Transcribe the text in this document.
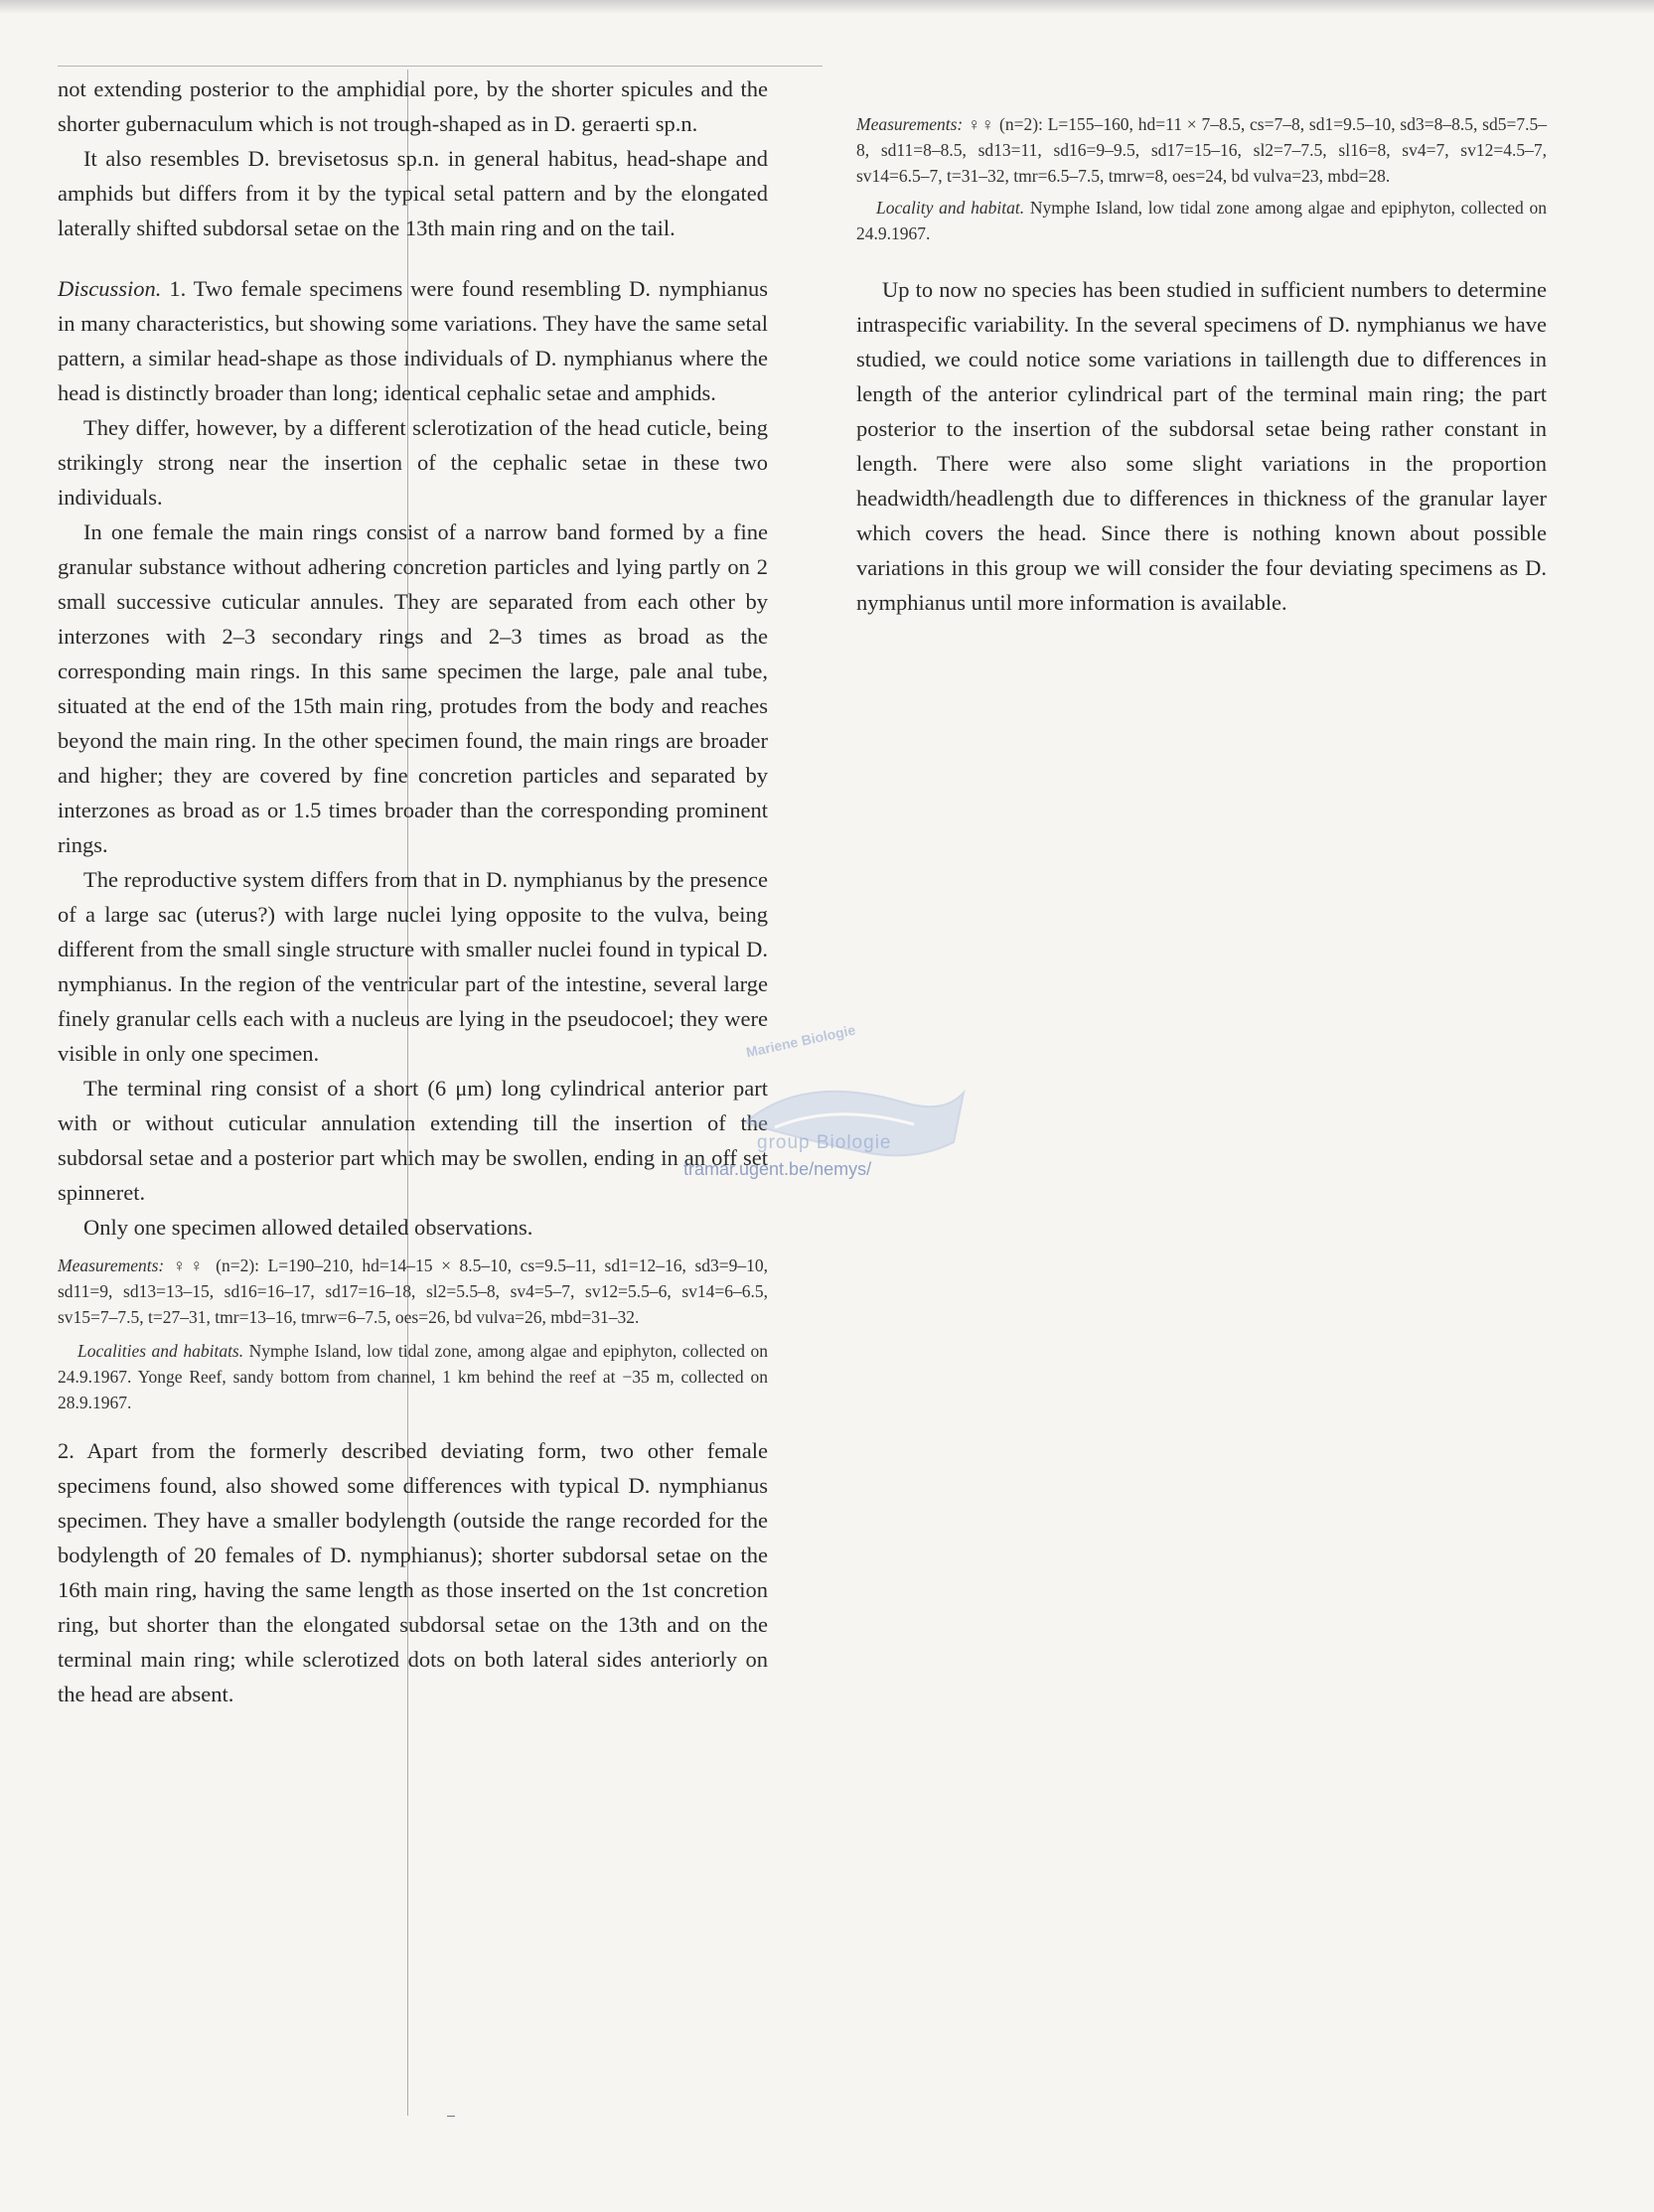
not extending posterior to the amphidial pore, by the shorter spicules and the shorter gubernaculum which is not trough-shaped as in D. geraerti sp.n.

It also resembles D. brevisetosus sp.n. in general habitus, head-shape and amphids but differs from it by the typical setal pattern and by the elongated laterally shifted subdorsal setae on the 13th main ring and on the tail.

Discussion. 1. Two female specimens were found resembling D. nymphianus in many characteristics, but showing some variations. They have the same setal pattern, a similar head-shape as those individuals of D. nymphianus where the head is distinctly broader than long; identical cephalic setae and amphids.

They differ, however, by a different sclerotization of the head cuticle, being strikingly strong near the insertion of the cephalic setae in these two individuals.

In one female the main rings consist of a narrow band formed by a fine granular substance without adhering concretion particles and lying partly on 2 small successive cuticular annules. They are separated from each other by interzones with 2–3 secondary rings and 2–3 times as broad as the corresponding main rings. In this same specimen the large, pale anal tube, situated at the end of the 15th main ring, protudes from the body and reaches beyond the main ring. In the other specimen found, the main rings are broader and higher; they are covered by fine concretion particles and separated by interzones as broad as or 1.5 times broader than the corresponding prominent rings.

The reproductive system differs from that in D. nymphianus by the presence of a large sac (uterus?) with large nuclei lying opposite to the vulva, being different from the small single structure with smaller nuclei found in typical D. nymphianus. In the region of the ventricular part of the intestine, several large finely granular cells each with a nucleus are lying in the pseudocoel; they were visible in only one specimen.

The terminal ring consist of a short (6 μm) long cylindrical anterior part with or without cuticular annulation extending till the insertion of the subdorsal setae and a posterior part which may be swollen, ending in an off set spinneret.

Only one specimen allowed detailed observations.

Measurements: ♀♀ (n=2): L=190–210, hd=14–15 × 8.5–10, cs=9.5–11, sd1=12–16, sd3=9–10, sd11=9, sd13=13–15, sd16=16–17, sd17=16–18, sl2=5.5–8, sv4=5–7, sv12=5.5–6, sv14=6–6.5, sv15=7–7.5, t=27–31, tmr=13–16, tmrw=6–7.5, oes=26, bd vulva=26, mbd=31–32.

Localities and habitats. Nymphe Island, low tidal zone, among algae and epiphyton, collected on 24.9.1967. Yonge Reef, sandy bottom from channel, 1 km behind the reef at −35 m, collected on 28.9.1967.

2. Apart from the formerly described deviating form, two other female specimens found, also showed some differences with typical D. nymphianus specimen. They have a smaller bodylength (outside the range recorded for the bodylength of 20 females of D. nymphianus); shorter subdorsal setae on the 16th main ring, having the same length as those inserted on the 1st concretion ring, but shorter than the elongated subdorsal setae on the 13th and on the terminal main ring; while sclerotized dots on both lateral sides anteriorly on the head are absent.

Measurements: ♀♀ (n=2): L=155–160, hd=11 × 7–8.5, cs=7–8, sd1=9.5–10, sd3=8–8.5, sd5=7.5–8, sd11=8–8.5, sd13=11, sd16=9–9.5, sd17=15–16, sl2=7–7.5, sl16=8, sv4=7, sv12=4.5–7, sv14=6.5–7, t=31–32, tmr=6.5–7.5, tmrw=8, oes=24, bd vulva=23, mbd=28.

Locality and habitat. Nymphe Island, low tidal zone among algae and epiphyton, collected on 24.9.1967.

Up to now no species has been studied in sufficient numbers to determine intraspecific variability. In the several specimens of D. nymphianus we have studied, we could notice some variations in taillength due to differences in length of the anterior cylindrical part of the terminal main ring; the part posterior to the insertion of the subdorsal setae being rather constant in length. There were also some slight variations in the proportion headwidth/headlength due to differences in thickness of the granular layer which covers the head. Since there is nothing known about possible variations in this group we will consider the four deviating specimens as D. nymphianus until more information is available.

Mariene Biologie
group Biologie
tramar.ugent.be/nemys/
